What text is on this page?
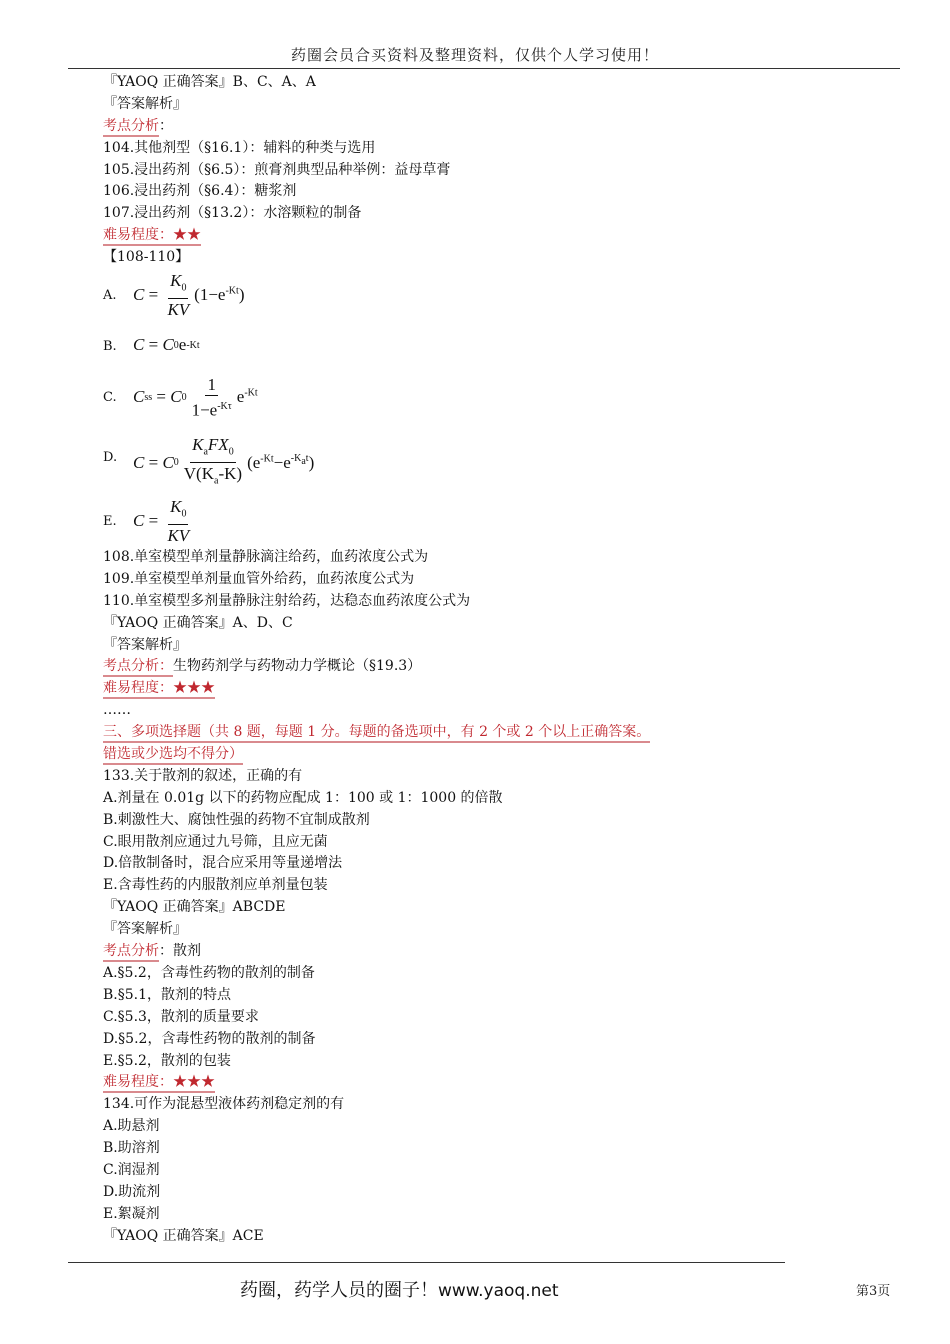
药圈会员合买资料及整理资料，仅供个人学习使用！
『YAOQ 正确答案』B、C、A、A
『答案解析』
考点分析：
104.其他剂型（§16.1）：辅料的种类与选用
105.浸出药剂（§6.5）：煎膏剂典型品种举例：益母草膏
106.浸出药剂（§6.4）：糖浆剂
107.浸出药剂（§13.2）：水溶颗粒的制备
难易程度：★★
【108-110】
A. $C = \frac{K_0}{KV} (1-e^{-Kt})$
B. C = C 0 e -Kt
C. C ss = C $0 \frac{1}{1-e^{-K\tau}} e^{-Kt}$
D. C = C $0 \frac{K_aFX_0}{V(K_a-K)} (e^{-Kt}-e^{-K_at})$
E. $C = \frac{K_0}{KV}$
108.单室模型单剂量静脉滴注给药，血药浓度公式为
109.单室模型单剂量血管外给药，血药浓度公式为
110.单室模型多剂量静脉注射给药，达稳态血药浓度公式为
『YAOQ 正确答案』A、D、C
『答案解析』
考点分析：生物药剂学与药物动力学概论（§19.3）
难易程度：★★★
……
三、多项选择题（共 8 题，每题 1 分。每题的备选项中，有 2 个或 2 个以上正确答案。
错选或少选均不得分）
133.关于散剂的叙述，正确的有
A.剂量在 0.01g 以下的药物应配成 1：100 或 1：1000 的倍散
B.刺激性大、腐蚀性强的药物不宜制成散剂
C.眼用散剂应通过九号筛，且应无菌
D.倍散制备时，混合应采用等量递增法
E.含毒性药的内服散剂应单剂量包装
『YAOQ 正确答案』ABCDE
『答案解析』
考点分析：散剂
A.§5.2，含毒性药物的散剂的制备
B.§5.1，散剂的特点
C.§5.3，散剂的质量要求
D.§5.2，含毒性药物的散剂的制备
E.§5.2，散剂的包装
难易程度：★★★
134.可作为混悬型液体药剂稳定剂的有
A.助悬剂
B.助溶剂
C.润湿剂
D.助流剂
E.絮凝剂
『YAOQ 正确答案』ACE
药圈，药学人员的圈子！www.yaoq.net	第3页
